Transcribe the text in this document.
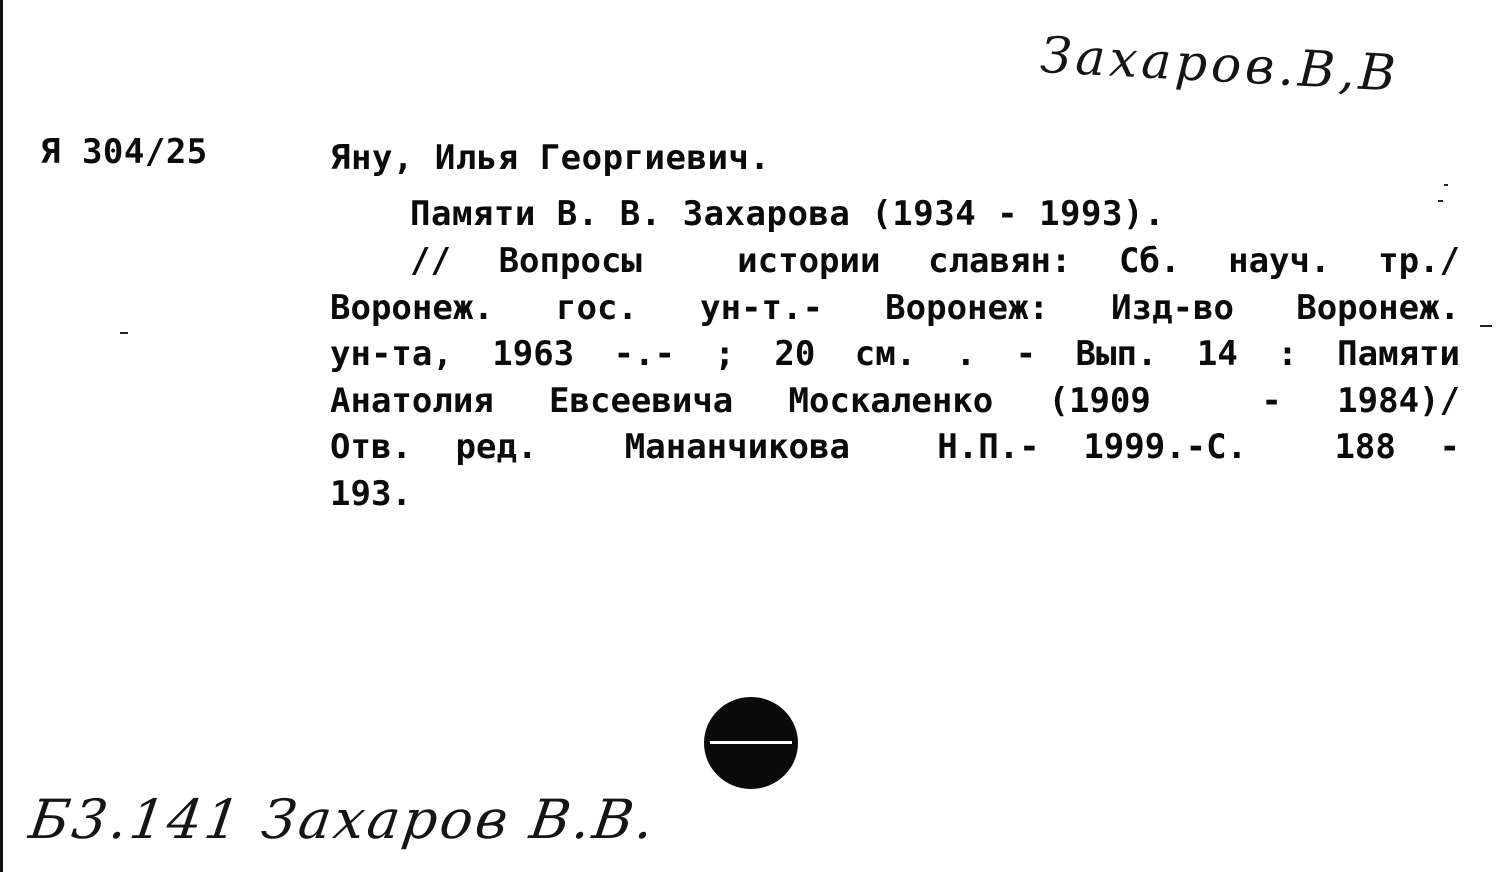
Захаров.В,В
Я 304/25	Яну, Илья Георгиевич.
Памяти В. В. Захарова (1934 - 1993).
// Вопросы  истории славян: Сб. науч. тр./
Воронеж. гос. ун-т.- Воронеж: Изд-во Воронеж.
ун-та, 1963 -.- ; 20 см. . - Вып. 14 : Памяти
Анатолия Евсеевича Москаленко (1909  - 1984)/
Отв. ред.  Мананчикова  Н.П.- 1999.-С.  188 -
193.
Б3.141 Захаров В.В.
